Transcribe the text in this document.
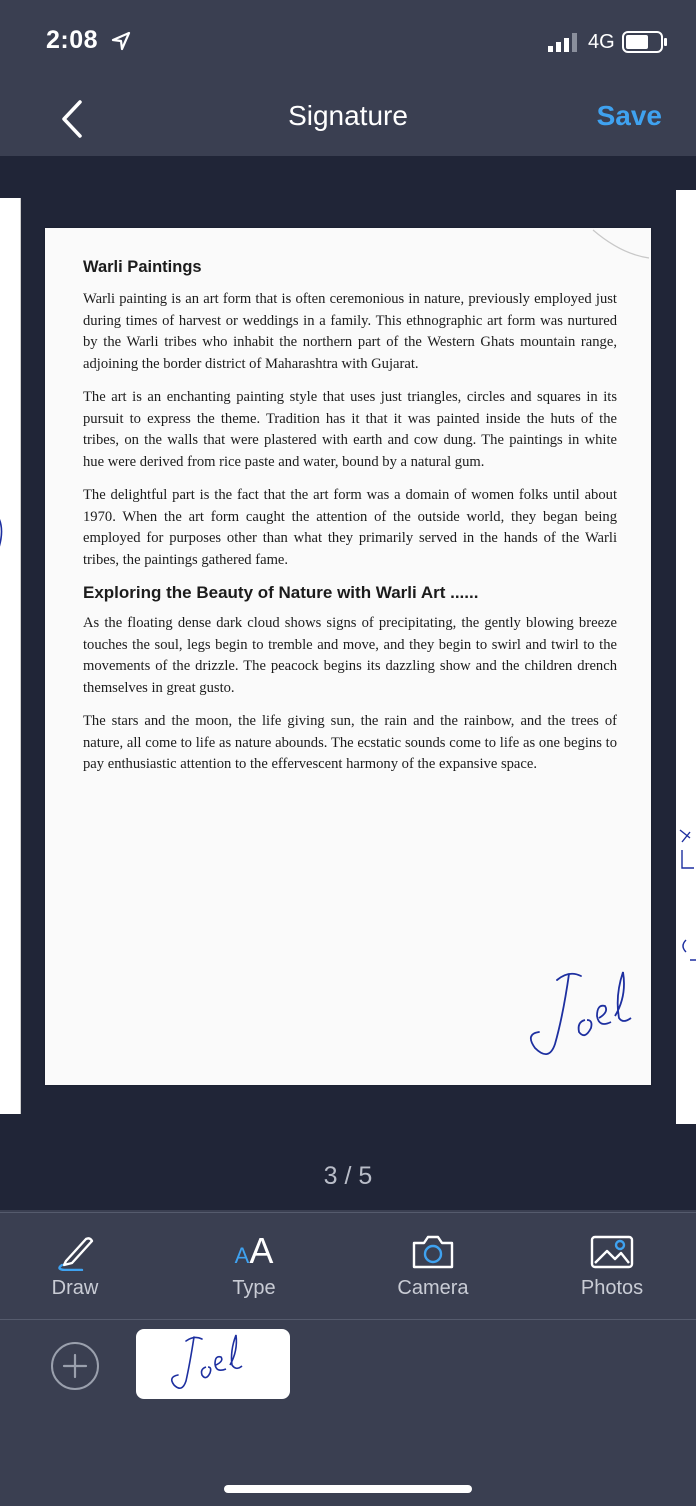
2:08	4G
Signature	Save
Warli Paintings

Warli painting is an art form that is often ceremonious in nature, previously employed just during times of harvest or weddings in a family. This ethnographic art form was nurtured by the Warli tribes who inhabit the northern part of the Western Ghats mountain range, adjoining the border district of Maharashtra with Gujarat.

The art is an enchanting painting style that uses just triangles, circles and squares in its pursuit to express the theme. Tradition has it that it was painted inside the huts of the tribes, on the walls that were plastered with earth and cow dung. The paintings in white hue were derived from rice paste and water, bound by a natural gum.

The delightful part is the fact that the art form was a domain of women folks until about 1970. When the art form caught the attention of the outside world, they began being employed for purposes other than what they primarily served in the hands of the Warli tribes, the paintings gathered fame.

Exploring the Beauty of Nature with Warli Art ......

As the floating dense dark cloud shows signs of precipitating, the gently blowing breeze touches the soul, legs begin to tremble and move, and they begin to swirl and twirl to the movements of the drizzle. The peacock begins its dazzling show and the children drench themselves in great gusto.

The stars and the moon, the life giving sun, the rain and the rainbow, and the trees of nature, all come to life as nature abounds. The ecstatic sounds come to life as one begins to pay enthusiastic attention to the effervescent harmony of the expansive space.

3 / 5
Draw
AA
Type	Camera	Photos
